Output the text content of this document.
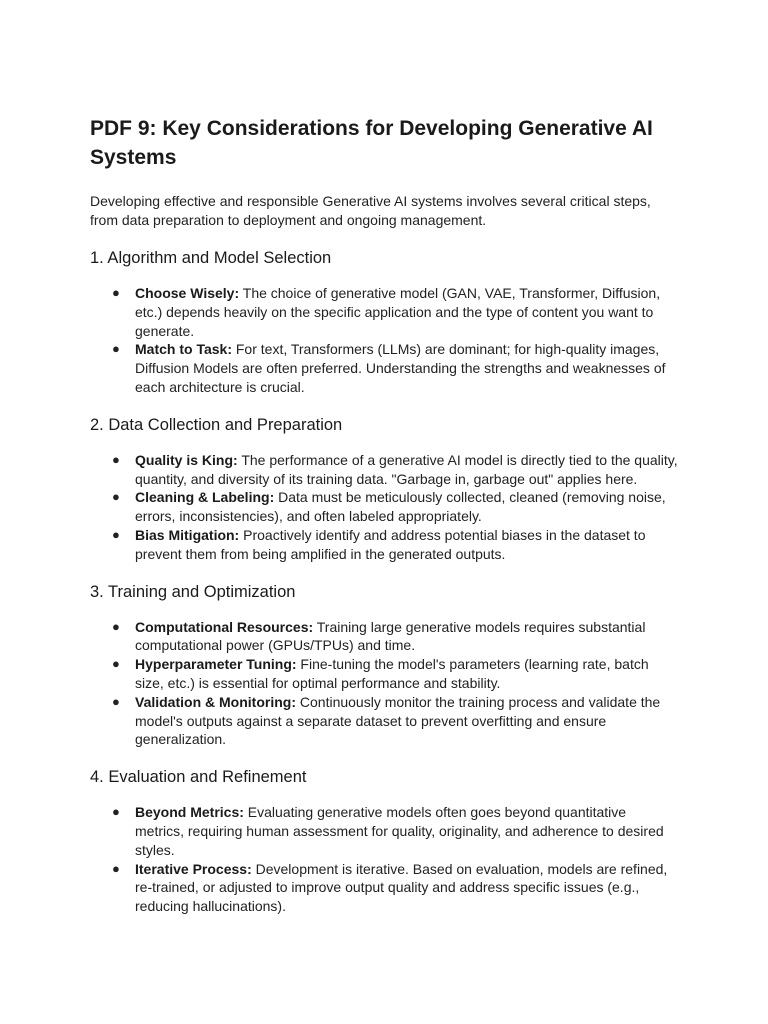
PDF 9: Key Considerations for Developing Generative AI Systems

Developing effective and responsible Generative AI systems involves several critical steps, from data preparation to deployment and ongoing management.

1. Algorithm and Model Selection
● Choose Wisely: The choice of generative model (GAN, VAE, Transformer, Diffusion, etc.) depends heavily on the specific application and the type of content you want to generate.
● Match to Task: For text, Transformers (LLMs) are dominant; for high-quality images, Diffusion Models are often preferred. Understanding the strengths and weaknesses of each architecture is crucial.
2. Data Collection and Preparation
● Quality is King: The performance of a generative AI model is directly tied to the quality, quantity, and diversity of its training data. "Garbage in, garbage out" applies here.
● Cleaning & Labeling: Data must be meticulously collected, cleaned (removing noise, errors, inconsistencies), and often labeled appropriately.
● Bias Mitigation: Proactively identify and address potential biases in the dataset to prevent them from being amplified in the generated outputs.
3. Training and Optimization
● Computational Resources: Training large generative models requires substantial computational power (GPUs/TPUs) and time.
● Hyperparameter Tuning: Fine-tuning the model's parameters (learning rate, batch size, etc.) is essential for optimal performance and stability.
● Validation & Monitoring: Continuously monitor the training process and validate the model's outputs against a separate dataset to prevent overfitting and ensure generalization.
4. Evaluation and Refinement
● Beyond Metrics: Evaluating generative models often goes beyond quantitative metrics, requiring human assessment for quality, originality, and adherence to desired styles.
● Iterative Process: Development is iterative. Based on evaluation, models are refined, re-trained, or adjusted to improve output quality and address specific issues (e.g., reducing hallucinations).
